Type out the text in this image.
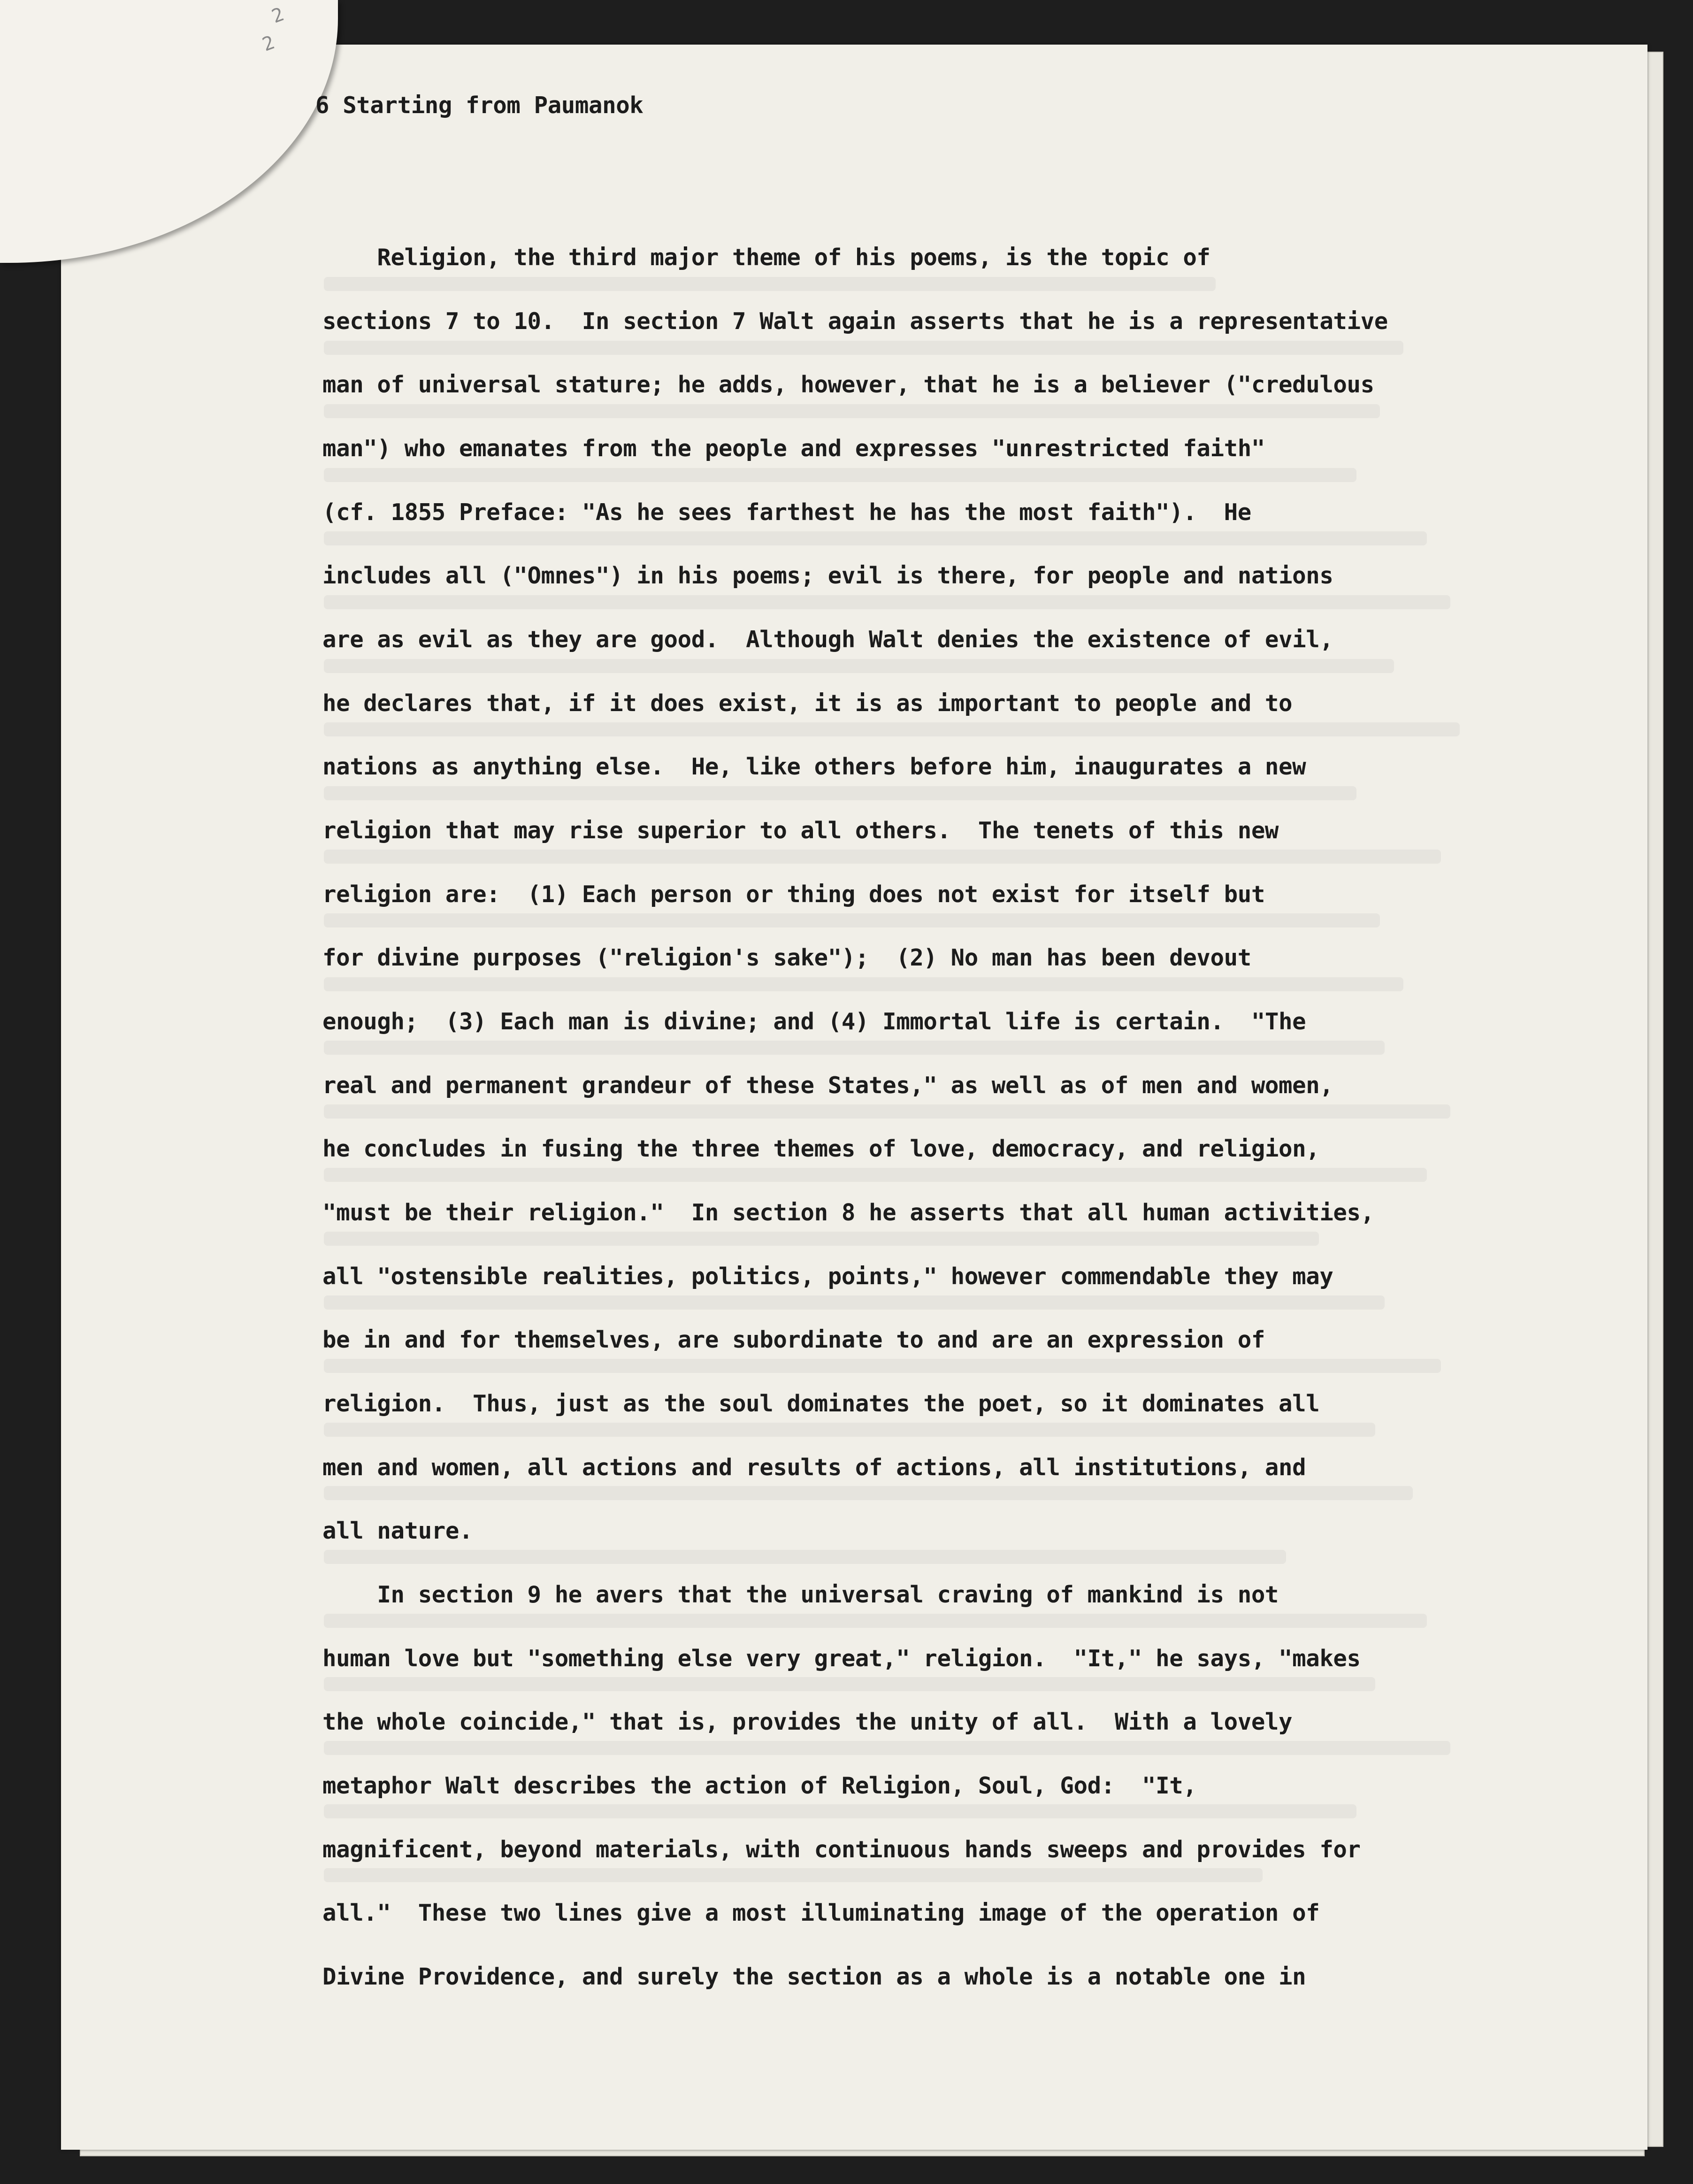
2
2
6 Starting from Paumanok
Religion, the third major theme of his poems, is the topic of
sections 7 to 10.  In section 7 Walt again asserts that he is a representative
man of universal stature; he adds, however, that he is a believer ("credulous
man") who emanates from the people and expresses "unrestricted faith"
(cf. 1855 Preface: "As he sees farthest he has the most faith").  He
includes all ("Omnes") in his poems; evil is there, for people and nations
are as evil as they are good.  Although Walt denies the existence of evil,
he declares that, if it does exist, it is as important to people and to
nations as anything else.  He, like others before him, inaugurates a new
religion that may rise superior to all others.  The tenets of this new
religion are:  (1) Each person or thing does not exist for itself but
for divine purposes ("religion's sake");  (2) No man has been devout
enough;  (3) Each man is divine; and (4) Immortal life is certain.  "The
real and permanent grandeur of these States," as well as of men and women,
he concludes in fusing the three themes of love, democracy, and religion,
"must be their religion."  In section 8 he asserts that all human activities,
all "ostensible realities, politics, points," however commendable they may
be in and for themselves, are subordinate to and are an expression of
religion.  Thus, just as the soul dominates the poet, so it dominates all
men and women, all actions and results of actions, all institutions, and
all nature.
In section 9 he avers that the universal craving of mankind is not
human love but "something else very great," religion.  "It," he says, "makes
the whole coincide," that is, provides the unity of all.  With a lovely
metaphor Walt describes the action of Religion, Soul, God:  "It,
magnificent, beyond materials, with continuous hands sweeps and provides for
all."  These two lines give a most illuminating image of the operation of
Divine Providence, and surely the section as a whole is a notable one in
